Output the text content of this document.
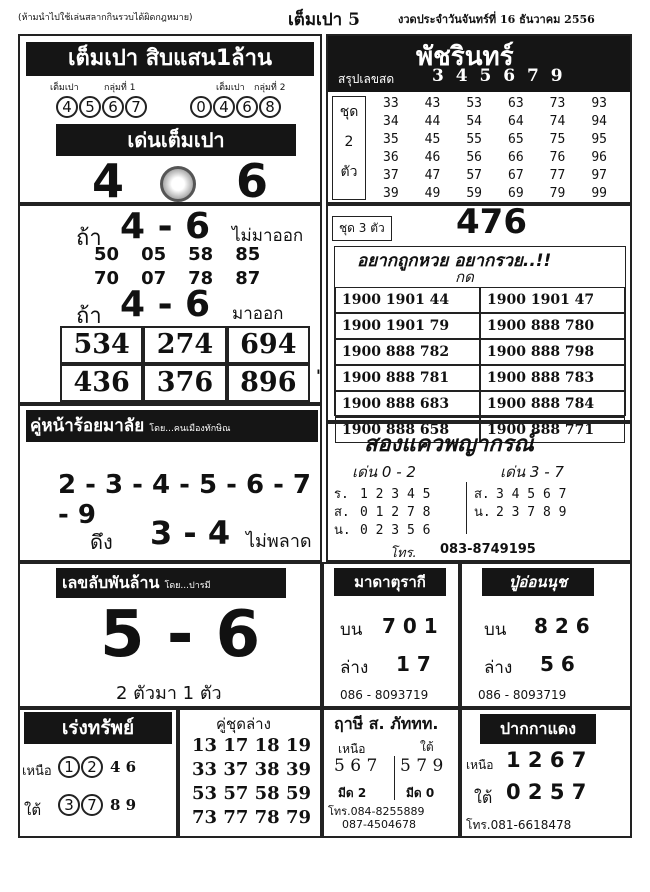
(ห้ามนำไปใช้เล่นสลากกินรวบได้ผิดกฎหมาย)	เต็มเปา 5	งวดประจำวันจันทร์ที่ 16 ธันวาคม 2556
เต็มเปา สิบแสน1ล้าน
เต็มเปา	กลุ่มที่ 1	เต็มเปา กลุ่มที่ 2
4 5 6 7	0 4 6 8
เด่นเต็มเปา
4 6
พัชรินทร์
สรุปเลขสด 3 4 5 6 7 9
ชุด
2
ตัว
33	43	53	63	73	93
34	44	54	64	74	94
35	45	55	65	75	95
36	46	56	66	76	96
37	47	57	67	77	97
39	49	59	69	79	99
ถ้า 4 - 6 ไม่มาออก
50 05 58 85
70 07 78 87
ถ้า 4 - 6 มาออก
534 274 694
436 376 896	'
ชุด 3 ตัว 476
อยากถูกหวย อยากรวย..!!
กด
1900 1901 44	1900 1901 47
1900 1901 79	1900 888 780
1900 888 782	1900 888 798
1900 888 781	1900 888 783
1900 888 683	1900 888 784
1900 888 658	1900 888 771
คู่หน้าร้อยมาลัย โดย...คนเมืองทักษิณ
2 - 3 - 4 - 5 - 6 - 7 - 9
ดึง 3 - 4 ไม่พลาด
สองแควพญากรณ์
เด่น 0 - 2	เด่น 3 - 7
ร. 1 2 3 4 5
ส. 0 1 2 7 8
น. 0 2 3 5 6
ส. 3 4 5 6 7
น. 2 3 7 8 9
โทร. 083-8749195
เลขลับพันล้าน โดย...ปารมี
5 - 6
2 ตัวมา 1 ตัว
มาดาตุรากี
บน 7 0 1
ล่าง 1 7
086 - 8093719
ปู่อ่อนนุช
บน 8 2 6
ล่าง 5 6
086 - 8093719
เร่งทรัพย์
เหนือ 1 2 4 6
ใต้	3 7 8 9
คู่ชุดล่าง
13 17 18 19
33 37 38 39
53 57 58 59
73 77 78 79
ฤาษี ส. ภัททท.
เหนือ	ใต้
5 6 7 5 7 9
มีด 2	มีด 0
โทร.084-8255889
087-4504678
ปากกาแดง
เหนือ 1 2 6 7
ใต้ 0 2 5 7
โทร.081-6618478
